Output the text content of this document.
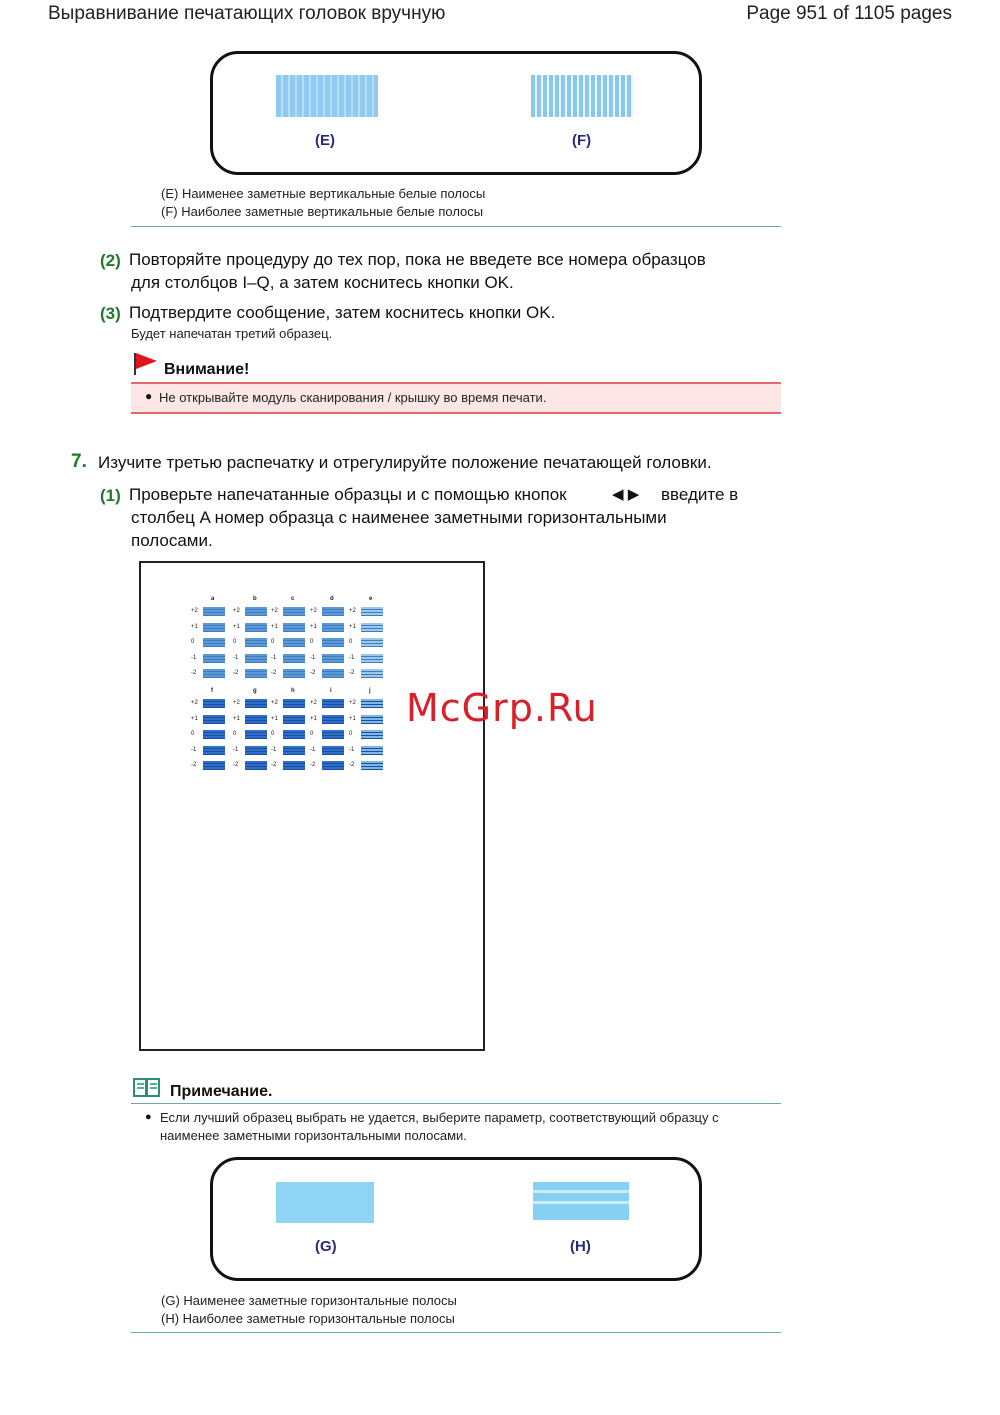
Выравнивание печатающих головок вручную	Page 951 of 1105 pages
(E)	(F)
(E) Наименее заметные вертикальные белые полосы
(F) Наиболее заметные вертикальные белые полосы
(2) Повторяйте процедуру до тех пор, пока не введете все номера образцов
для столбцов I–Q, а затем коснитесь кнопки OK.
(3) Подтвердите сообщение, затем коснитесь кнопки OK.
Будет напечатан третий образец.
Внимание!
● Не открывайте модуль сканирования / крышку во время печати.
7. Изучите третью распечатку и отрегулируйте положение печатающей головки.
(1) Проверьте напечатанные образцы и с помощью кнопок	◀ ▶ введите в
столбец A номер образца с наименее заметными горизонтальными
полосами.
a	b	c	d	e
+2	+2	+2	+2	+2
+1	+1	+1	+1	+1
0	0	0	0	0
-1	-1	-1	-1	-1
-2	-2	-2	-2	-2
f	g	h	i	j
+2	+2	+2	+2	+2
+1	+1	+1	+1	+1
0	0	0	0	0
-1	-1	-1	-1	-1
-2	-2	-2	-2	-2
McGrp.Ru
Примечание.
● Если лучший образец выбрать не удается, выберите параметр, соответствующий образцу с
наименее заметными горизонтальными полосами.
(G)	(H)
(G) Наименее заметные горизонтальные полосы
(H) Наиболее заметные горизонтальные полосы
